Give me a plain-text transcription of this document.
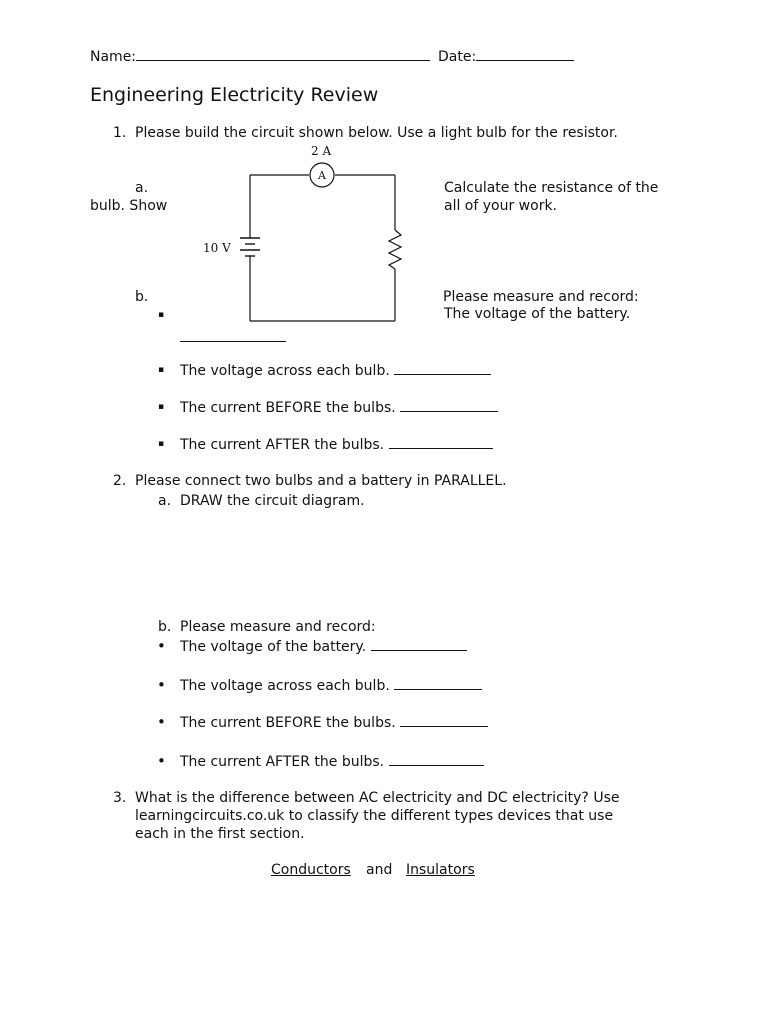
Name:	Date:
Engineering Electricity Review
1. Please build the circuit shown below. Use a light bulb for the resistor.
2 A
A
10 V
a.	Calculate the resistance of the
bulb. Show	all of your work.
b.	Please measure and record:
▪	The voltage of the battery.
▪ The voltage across each bulb.
▪ The current BEFORE the bulbs.
▪ The current AFTER the bulbs.
2. Please connect two bulbs and a battery in PARALLEL.
a. DRAW the circuit diagram.
b. Please measure and record:
• The voltage of the battery.
• The voltage across each bulb.
• The current BEFORE the bulbs.
• The current AFTER the bulbs.
3. What is the difference between AC electricity and DC electricity? Use
learningcircuits.co.uk to classify the different types devices that use
each in the first section.
Conductors and Insulators
